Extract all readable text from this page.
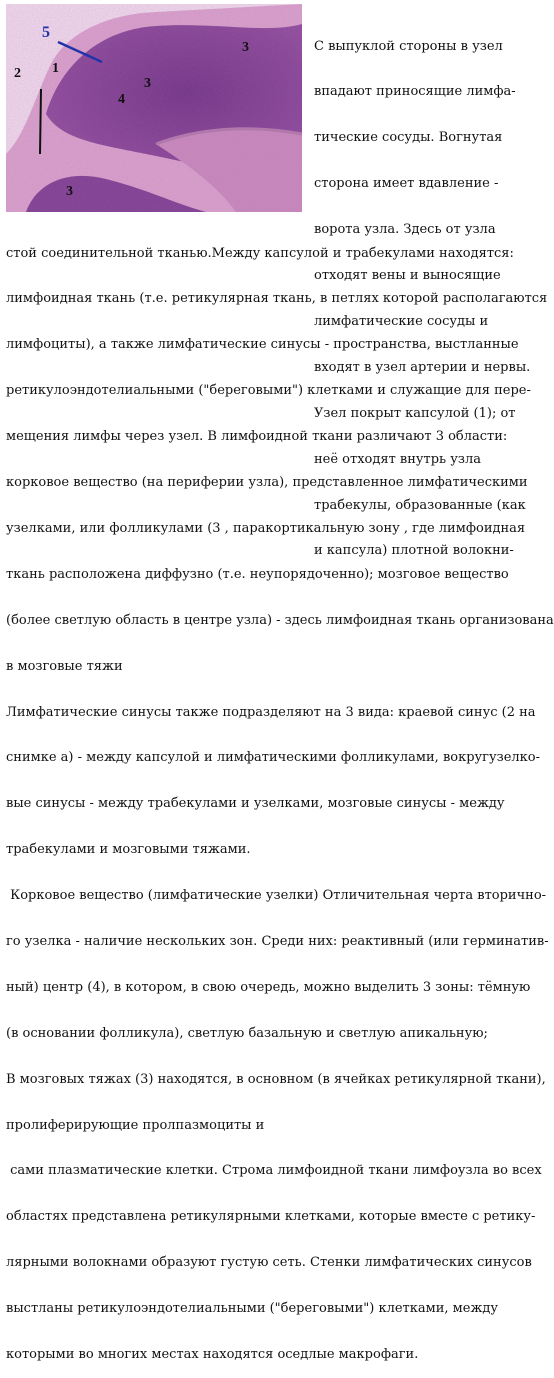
5
2 1
3
3
4
3

С выпуклой стороны в узел

впадают приносящие лимфа-

тические сосуды. Вогнутая

сторона имеет вдавление -

ворота узла. Здесь от узла

отходят вены и выносящие

лимфатические сосуды и

входят в узел артерии и нервы.

Узел покрыт капсулой (1); от

неё отходят внутрь узла

трабекулы, образованные (как

и капсула) плотной волокни-

стой соединительной тканью.Между капсулой и трабекулами находятся:

лимфоидная ткань (т.е. ретикулярная ткань, в петлях которой располагаются

лимфоциты), а также лимфатические синусы - пространства, выстланные

ретикулоэндотелиальными ("береговыми") клетками и служащие для пере-

мещения лимфы через узел. В лимфоидной ткани различают 3 области:

корковое вещество (на периферии узла), представленное лимфатическими

узелками, или фолликулами (3 , паракортикальную зону , где лимфоидная

ткань расположена диффузно (т.е. неупорядоченно); мозговое вещество

(более светлую область в центре узла) - здесь лимфоидная ткань организована

в мозговые тяжи

Лимфатические синусы также подразделяют на 3 вида: краевой синус (2 на

снимке а) - между капсулой и лимфатическими фолликулами, вокругузелко-

вые синусы - между трабекулами и узелками, мозговые синусы - между

трабекулами и мозговыми тяжами.

Корковое вещество (лимфатические узелки) Отличительная черта вторично-

го узелка - наличие нескольких зон. Среди них: реактивный (или герминатив-

ный) центр (4), в котором, в свою очередь, можно выделить 3 зоны: тёмную

(в основании фолликула), светлую базальную и светлую апикальную;

В мозговых тяжах (3) находятся, в основном (в ячейках ретикулярной ткани),

пролиферирующие пролпазмоциты и

сами плазматические клетки. Строма лимфоидной ткани лимфоузла во всех

областях представлена ретикулярными клетками, которые вместе с ретику-

лярными волокнами образуют густую сеть. Стенки лимфатических синусов

выстланы ретикулоэндотелиальными ("береговыми") клетками, между

которыми во многих местах находятся оседлые макрофаги.
